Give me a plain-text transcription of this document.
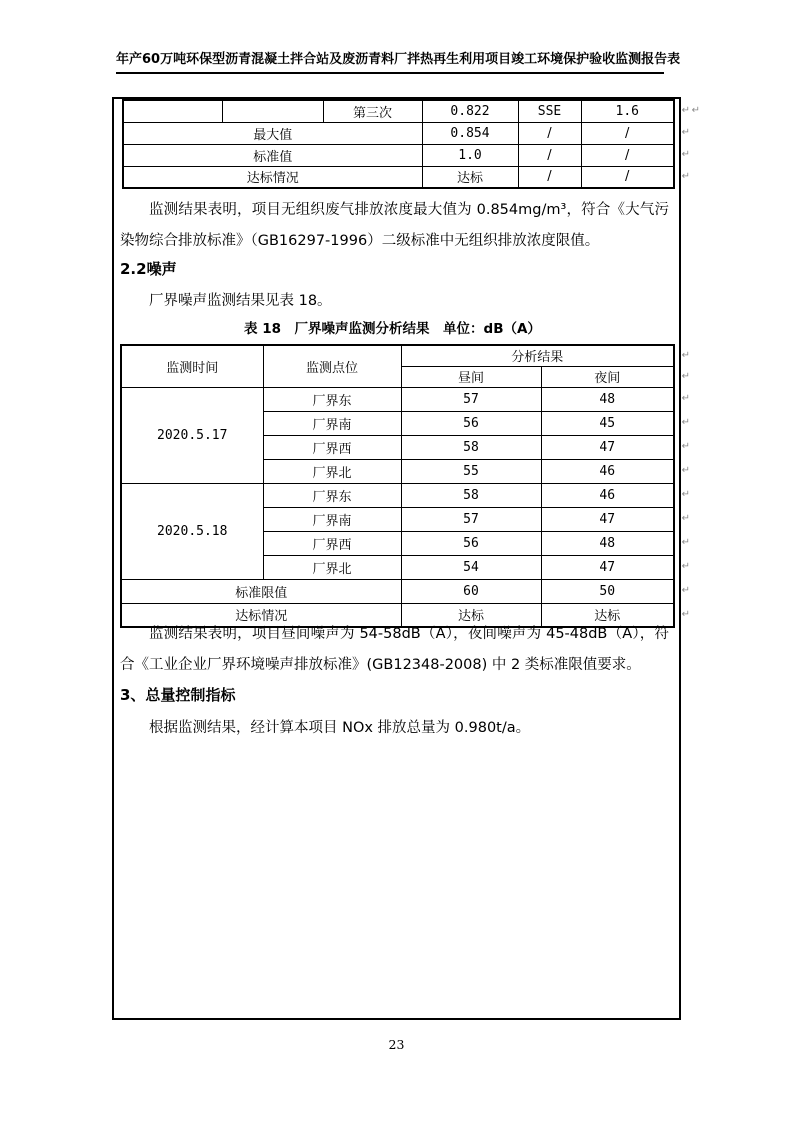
年产60万吨环保型沥青混凝土拌合站及废沥青料厂拌热再生利用项目竣工环境保护验收监测报告表
		第三次	0.822	SSE	1.6 ↵ ↵

最大值			0.854	/	/ ↵

标准值			1.0	/	/ ↵

达标情况			达标	/	/ ↵

监测结果表明，项目无组织废气排放浓度最大值为 0.854mg/m³，符合《大气污染物综合排放标准》（GB16297-1996）二级标准中无组织排放浓度限值。

2.2噪声

厂界噪声监测结果见表 18。

表 18　厂界噪声监测分析结果　单位：dB（A）
监测时间	监测点位	分析结果 ↵	

		昼间	夜间 ↵

2020.5.17	厂界东	57	48 ↵

	厂界南	56	45 ↵

	厂界西	58	47 ↵

	厂界北	55	46 ↵

2020.5.18	厂界东	58	46 ↵

	厂界南	57	47 ↵

	厂界西	56	48 ↵

	厂界北	54	47 ↵

标准限值		60	50 ↵

达标情况		达标	达标 ↵

监测结果表明，项目昼间噪声为 54-58dB（A），夜间噪声为 45-48dB（A），符合《工业企业厂界环境噪声排放标准》(GB12348-2008) 中 2 类标准限值要求。

3、总量控制指标

根据监测结果，经计算本项目 NOx 排放总量为 0.980t/a。

23
